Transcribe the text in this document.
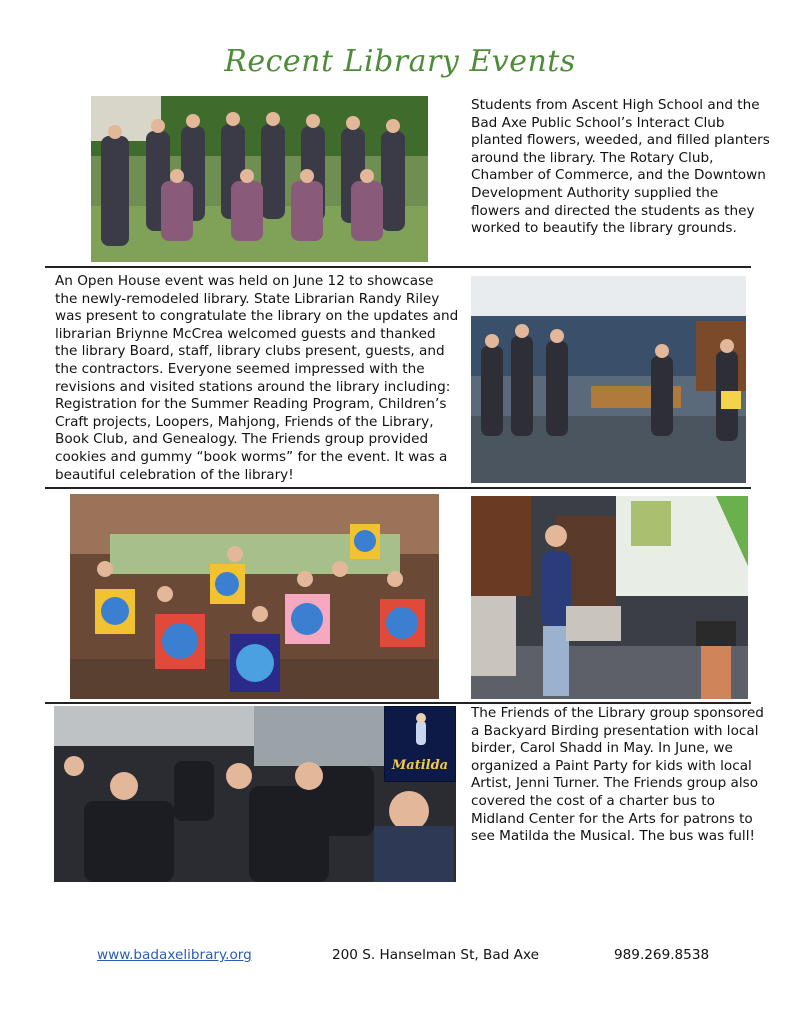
Recent Library Events
Students from Ascent High School and the Bad Axe Public School’s Interact Club planted flowers, weeded, and filled planters around the library. The Rotary Club, Chamber of Commerce, and the Downtown Development Authority supplied the flowers and directed the students as they worked to beautify the library grounds.
An Open House event was held on June 12 to showcase the newly-remodeled library. State Librarian Randy Riley was present to congratulate the library on the updates and librarian Briynne McCrea welcomed guests and thanked the library Board, staff, library clubs present, guests, and the contractors. Everyone seemed impressed with the revisions and visited stations around the library including: Registration for the Summer Reading Program, Children’s Craft projects, Loopers, Mahjong, Friends of the Library, Book Club, and Genealogy. The Friends group provided cookies and gummy “book worms” for the event. It was a beautiful celebration of the library!
Matilda
The Friends of the Library group sponsored a Backyard Birding presentation with local birder, Carol Shadd in May. In June, we organized a Paint Party for kids with local Artist, Jenni Turner. The Friends group also covered the cost of a charter bus to Midland Center for the Arts for patrons to see Matilda the Musical. The bus was full!
www.badaxelibrary.org	200 S. Hanselman St, Bad Axe	989.269.8538
